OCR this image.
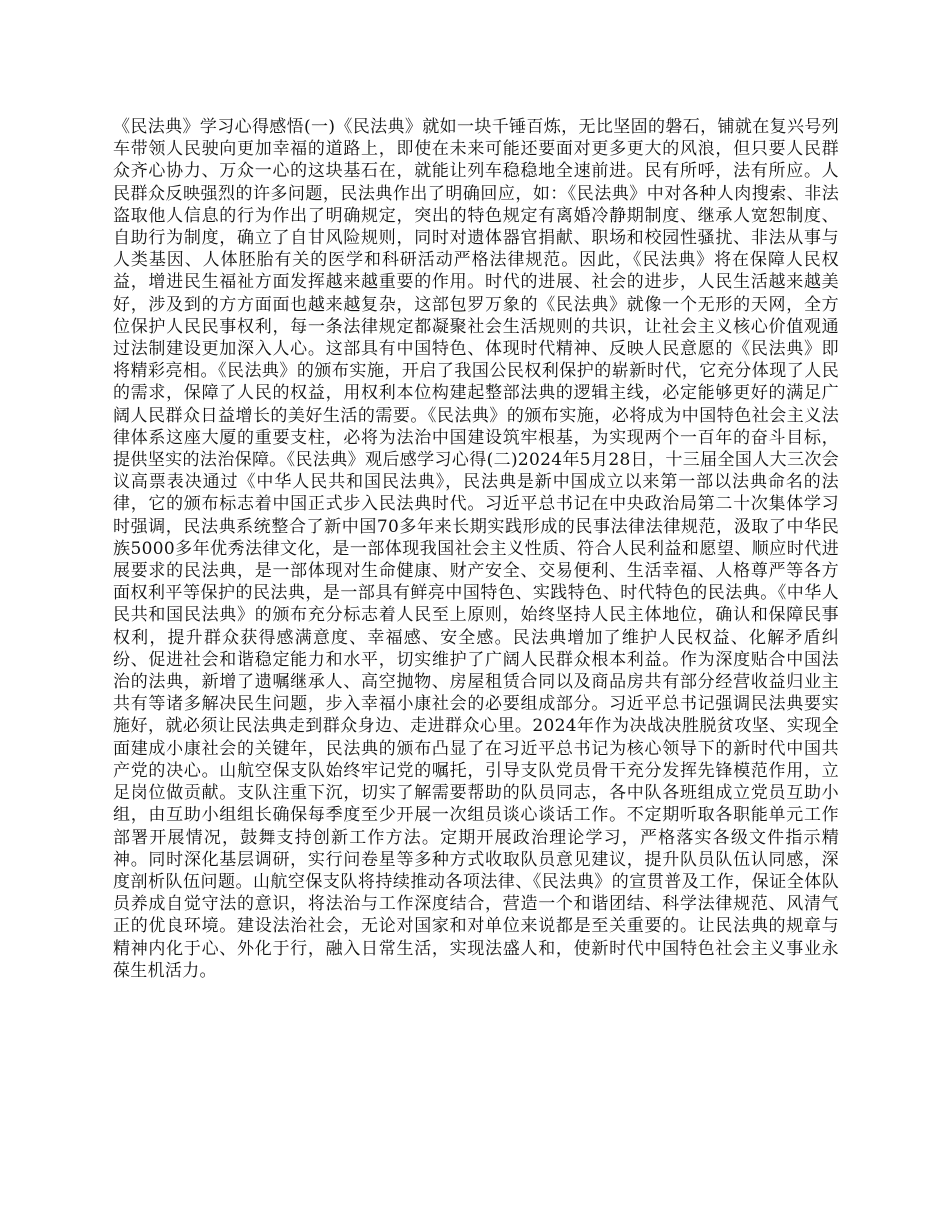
《民法典》学习心得感悟(一)《民法典》就如一块千锤百炼，无比坚固的磐石，铺就在复兴号列车带领人民驶向更加幸福的道路上，即使在未来可能还要面对更多更大的风浪，但只要人民群众齐心协力、万众一心的这块基石在，就能让列车稳稳地全速前进。民有所呼，法有所应。人民群众反映强烈的许多问题，民法典作出了明确回应，如：《民法典》中对各种人肉搜索、非法盗取他人信息的行为作出了明确规定，突出的特色规定有离婚冷静期制度、继承人宽恕制度、自助行为制度，确立了自甘风险规则，同时对遗体器官捐献、职场和校园性骚扰、非法从事与人类基因、人体胚胎有关的医学和科研活动严格法律规范。因此，《民法典》将在保障人民权益，增进民生福祉方面发挥越来越重要的作用。时代的进展、社会的进步，人民生活越来越美好，涉及到的方方面面也越来越复杂，这部包罗万象的《民法典》就像一个无形的天网，全方位保护人民民事权利，每一条法律规定都凝聚社会生活规则的共识，让社会主义核心价值观通过法制建设更加深入人心。这部具有中国特色、体现时代精神、反映人民意愿的《民法典》即将精彩亮相。《民法典》的颁布实施，开启了我国公民权利保护的崭新时代，它充分体现了人民的需求，保障了人民的权益，用权利本位构建起整部法典的逻辑主线，必定能够更好的满足广阔人民群众日益增长的美好生活的需要。《民法典》的颁布实施，必将成为中国特色社会主义法律体系这座大厦的重要支柱，必将为法治中国建设筑牢根基，为实现两个一百年的奋斗目标，提供坚实的法治保障。《民法典》观后感学习心得(二)2024年5月28日，十三届全国人大三次会议高票表决通过《中华人民共和国民法典》，民法典是新中国成立以来第一部以法典命名的法律，它的颁布标志着中国正式步入民法典时代。习近平总书记在中央政治局第二十次集体学习时强调，民法典系统整合了新中国70多年来长期实践形成的民事法律法律规范，汲取了中华民族5000多年优秀法律文化，是一部体现我国社会主义性质、符合人民利益和愿望、顺应时代进展要求的民法典，是一部体现对生命健康、财产安全、交易便利、生活幸福、人格尊严等各方面权利平等保护的民法典，是一部具有鲜亮中国特色、实践特色、时代特色的民法典。《中华人民共和国民法典》的颁布充分标志着人民至上原则，始终坚持人民主体地位，确认和保障民事权利，提升群众获得感满意度、幸福感、安全感。民法典增加了维护人民权益、化解矛盾纠纷、促进社会和谐稳定能力和水平，切实维护了广阔人民群众根本利益。作为深度贴合中国法治的法典，新增了遗嘱继承人、高空抛物、房屋租赁合同以及商品房共有部分经营收益归业主共有等诸多解决民生问题，步入幸福小康社会的必要组成部分。习近平总书记强调民法典要实施好，就必须让民法典走到群众身边、走进群众心里。2024年作为决战决胜脱贫攻坚、实现全面建成小康社会的关键年，民法典的颁布凸显了在习近平总书记为核心领导下的新时代中国共产党的决心。山航空保支队始终牢记党的嘱托，引导支队党员骨干充分发挥先锋模范作用，立足岗位做贡献。支队注重下沉，切实了解需要帮助的队员同志，各中队各班组成立党员互助小组，由互助小组组长确保每季度至少开展一次组员谈心谈话工作。不定期听取各职能单元工作部署开展情况，鼓舞支持创新工作方法。定期开展政治理论学习，严格落实各级文件指示精神。同时深化基层调研，实行问卷星等多种方式收取队员意见建议，提升队员队伍认同感，深度剖析队伍问题。山航空保支队将持续推动各项法律、《民法典》的宣贯普及工作，保证全体队员养成自觉守法的意识，将法治与工作深度结合，营造一个和谐团结、科学法律规范、风清气正的优良环境。建设法治社会，无论对国家和对单位来说都是至关重要的。让民法典的规章与精神内化于心、外化于行，融入日常生活，实现法盛人和，使新时代中国特色社会主义事业永葆生机活力。
